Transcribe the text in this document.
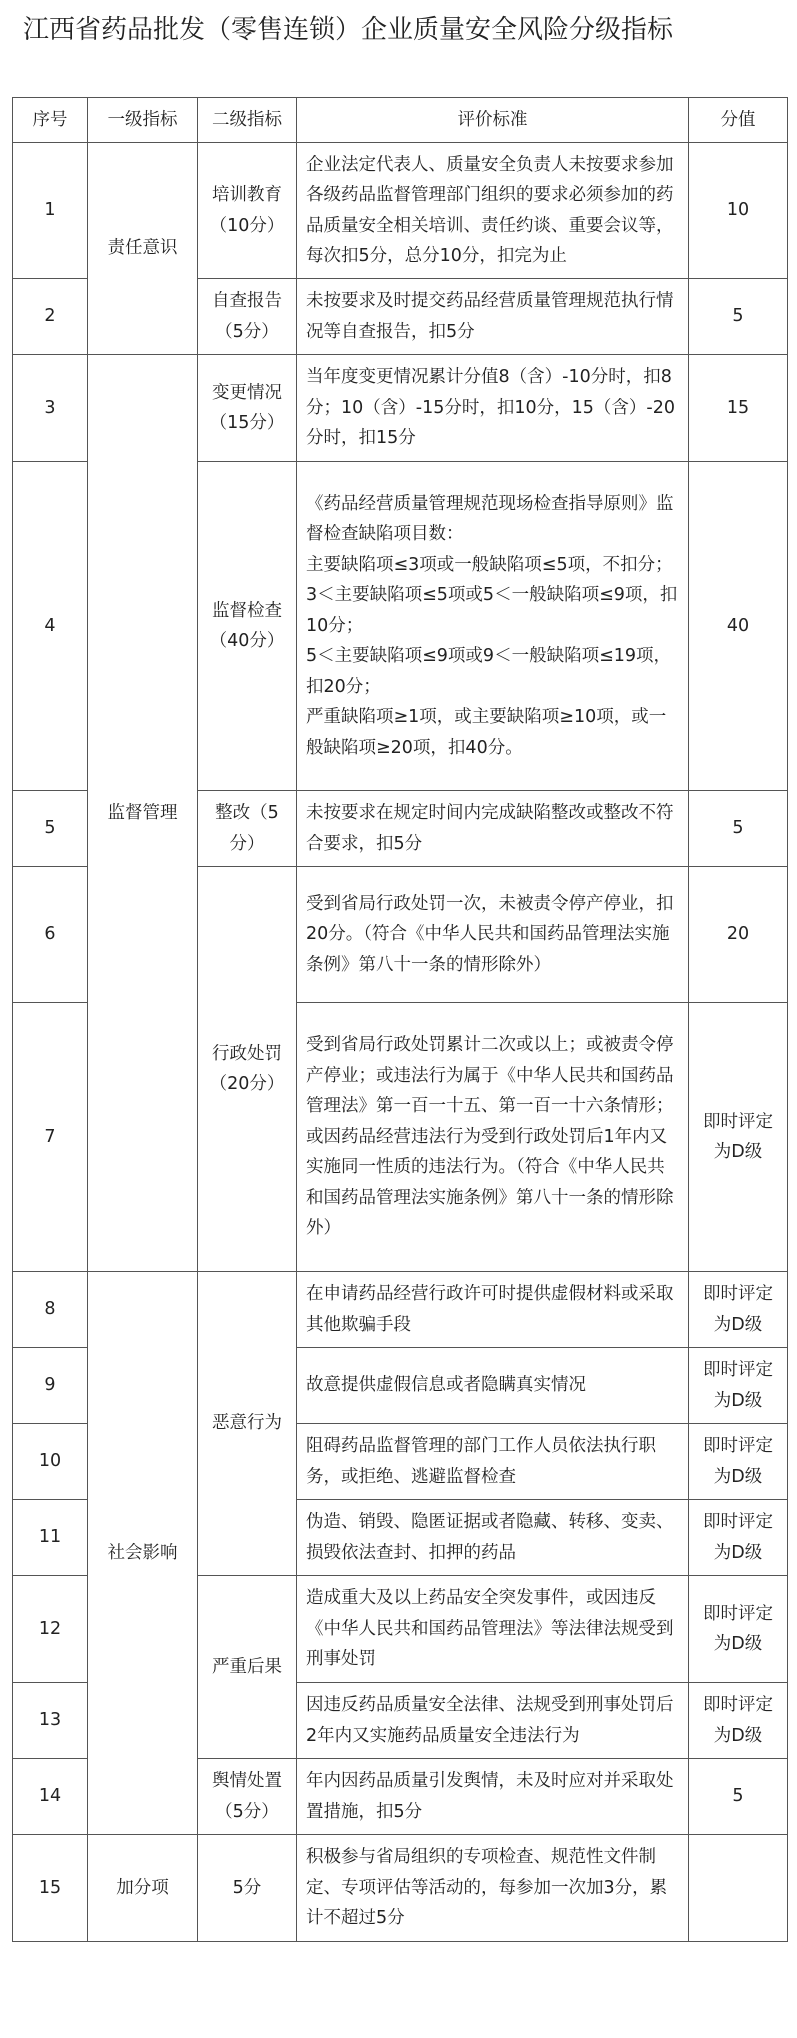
江西省药品批发（零售连锁）企业质量安全风险分级指标
序号	一级指标	二级指标	评价标准	分值
1	责任意识	培训教育（10分）	企业法定代表人、质量安全负责人未按要求参加各级药品监督管理部门组织的要求必须参加的药品质量安全相关培训、责任约谈、重要会议等，每次扣5分，总分10分，扣完为止	10
2		自查报告（5分）	未按要求及时提交药品经营质量管理规范执行情况等自查报告，扣5分	5
3	监督管理	变更情况（15分）	当年度变更情况累计分值8（含）-10分时，扣8分；10（含）-15分时，扣10分，15（含）-20分时，扣15分	15
4		监督检查（40分）	《药品经营质量管理规范现场检查指导原则》监督检查缺陷项目数：
主要缺陷项≤3项或一般缺陷项≤5项，不扣分；
3＜主要缺陷项≤5项或5＜一般缺陷项≤9项，扣10分；
5＜主要缺陷项≤9项或9＜一般缺陷项≤19项，扣20分；
严重缺陷项≥1项，或主要缺陷项≥10项，或一般缺陷项≥20项，扣40分。	40
5		整改（5分）	未按要求在规定时间内完成缺陷整改或整改不符合要求，扣5分	5
6		行政处罚（20分）	受到省局行政处罚一次，未被责令停产停业，扣20分。（符合《中华人民共和国药品管理法实施条例》第八十一条的情形除外）	20
7			受到省局行政处罚累计二次或以上；或被责令停产停业；或违法行为属于《中华人民共和国药品管理法》第一百一十五、第一百一十六条情形；或因药品经营违法行为受到行政处罚后1年内又实施同一性质的违法行为。（符合《中华人民共和国药品管理法实施条例》第八十一条的情形除外）	即时评定为D级
8	社会影响	恶意行为	在申请药品经营行政许可时提供虚假材料或采取其他欺骗手段	即时评定为D级
9			故意提供虚假信息或者隐瞒真实情况	即时评定为D级
10			阻碍药品监督管理的部门工作人员依法执行职务，或拒绝、逃避监督检查	即时评定为D级
11			伪造、销毁、隐匿证据或者隐藏、转移、变卖、损毁依法查封、扣押的药品	即时评定为D级
12		严重后果	造成重大及以上药品安全突发事件，或因违反《中华人民共和国药品管理法》等法律法规受到刑事处罚	即时评定为D级
13			因违反药品质量安全法律、法规受到刑事处罚后2年内又实施药品质量安全违法行为	即时评定为D级
14		舆情处置（5分）	年内因药品质量引发舆情，未及时应对并采取处置措施，扣5分	5
15	加分项	5分	积极参与省局组织的专项检查、规范性文件制定、专项评估等活动的，每参加一次加3分，累计不超过5分	
